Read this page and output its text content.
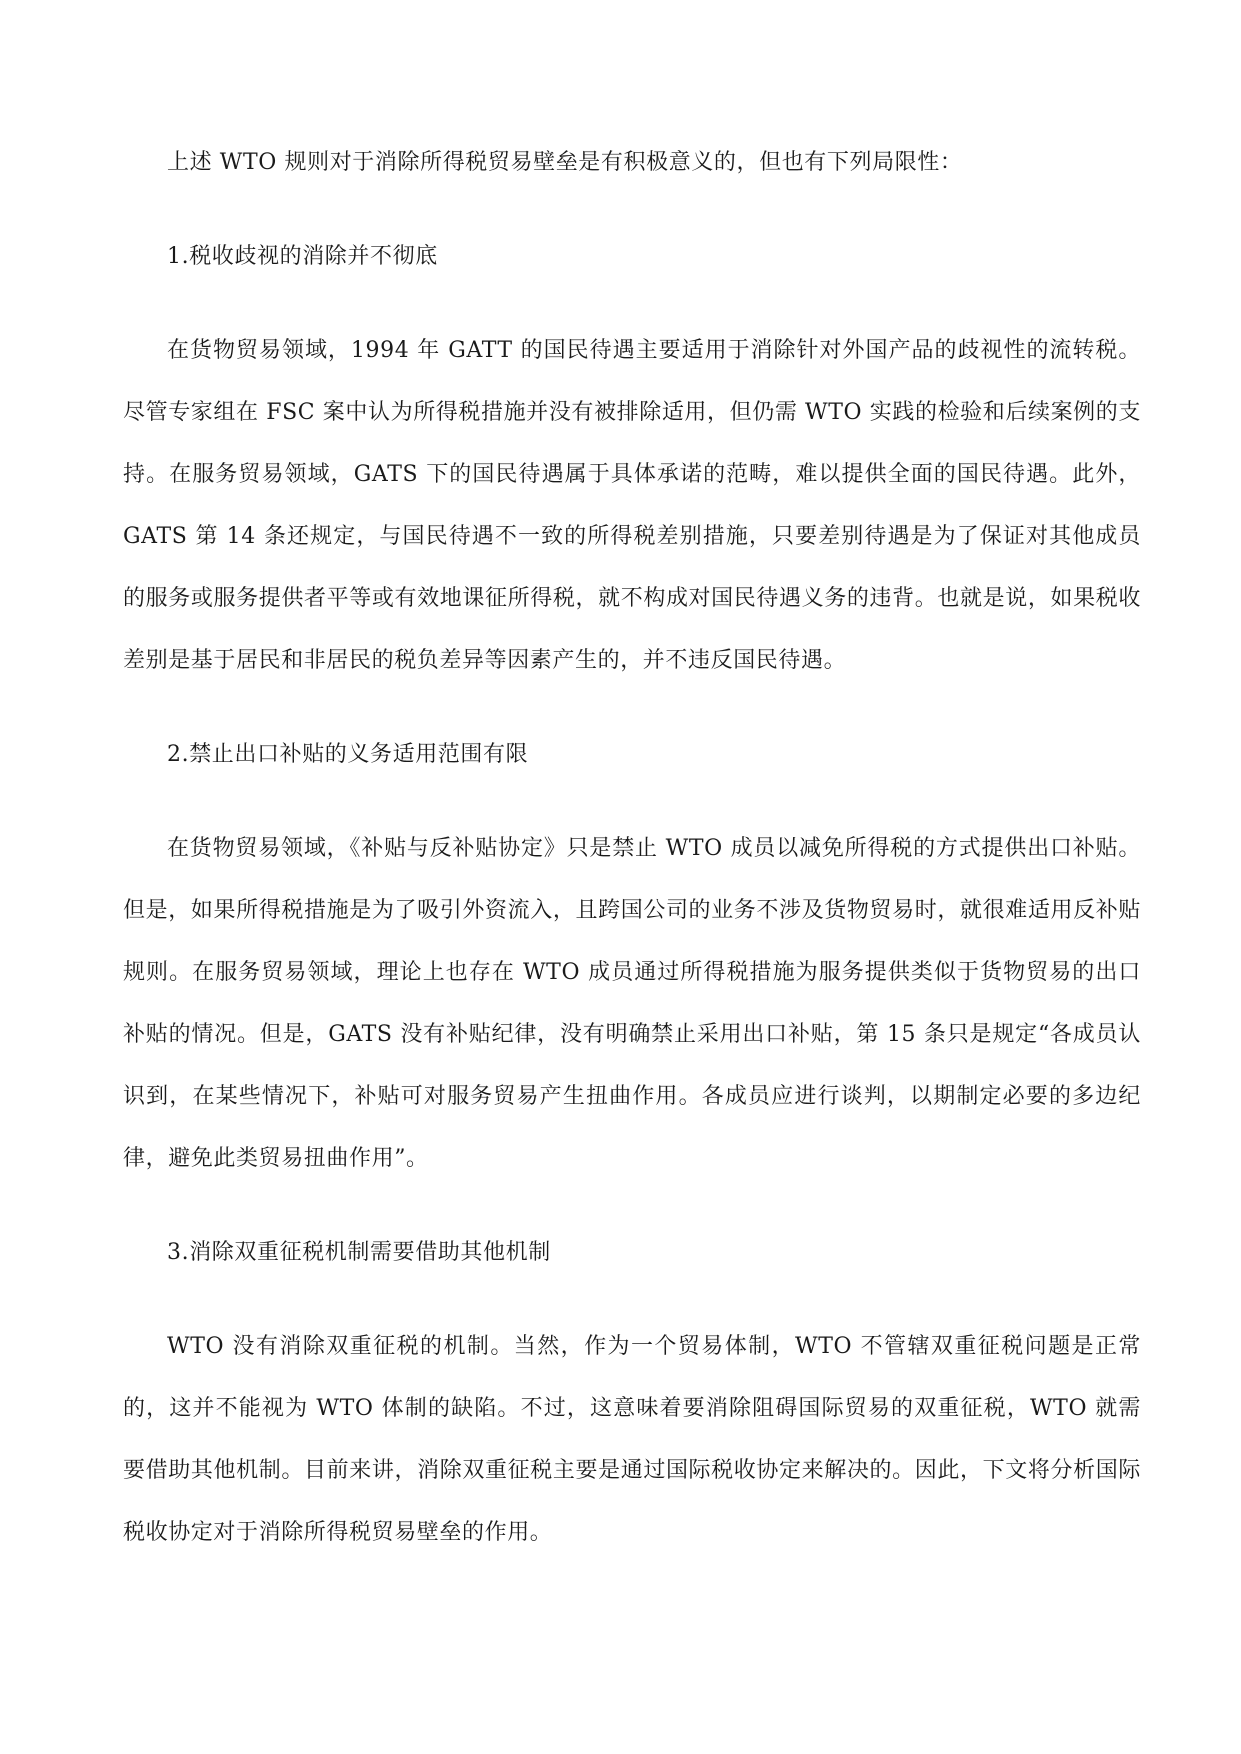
上述 WTO 规则对于消除所得税贸易壁垒是有积极意义的，但也有下列局限性：

1.税收歧视的消除并不彻底

在货物贸易领域，1994 年 GATT 的国民待遇主要适用于消除针对外国产品的歧视性的流转税。尽管专家组在 FSC 案中认为所得税措施并没有被排除适用，但仍需 WTO 实践的检验和后续案例的支持。在服务贸易领域，GATS 下的国民待遇属于具体承诺的范畴，难以提供全面的国民待遇。此外，GATS 第 14 条还规定，与国民待遇不一致的所得税差别措施，只要差别待遇是为了保证对其他成员的服务或服务提供者平等或有效地课征所得税，就不构成对国民待遇义务的违背。也就是说，如果税收差别是基于居民和非居民的税负差异等因素产生的，并不违反国民待遇。

2.禁止出口补贴的义务适用范围有限

在货物贸易领域，《补贴与反补贴协定》只是禁止 WTO 成员以减免所得税的方式提供出口补贴。但是，如果所得税措施是为了吸引外资流入，且跨国公司的业务不涉及货物贸易时，就很难适用反补贴规则。在服务贸易领域，理论上也存在 WTO 成员通过所得税措施为服务提供类似于货物贸易的出口补贴的情况。但是，GATS 没有补贴纪律，没有明确禁止采用出口补贴，第 15 条只是规定“各成员认识到，在某些情况下，补贴可对服务贸易产生扭曲作用。各成员应进行谈判，以期制定必要的多边纪律，避免此类贸易扭曲作用”。

3.消除双重征税机制需要借助其他机制

WTO 没有消除双重征税的机制。当然，作为一个贸易体制，WTO 不管辖双重征税问题是正常的，这并不能视为 WTO 体制的缺陷。不过，这意味着要消除阻碍国际贸易的双重征税，WTO 就需要借助其他机制。目前来讲，消除双重征税主要是通过国际税收协定来解决的。因此，下文将分析国际税收协定对于消除所得税贸易壁垒的作用。
